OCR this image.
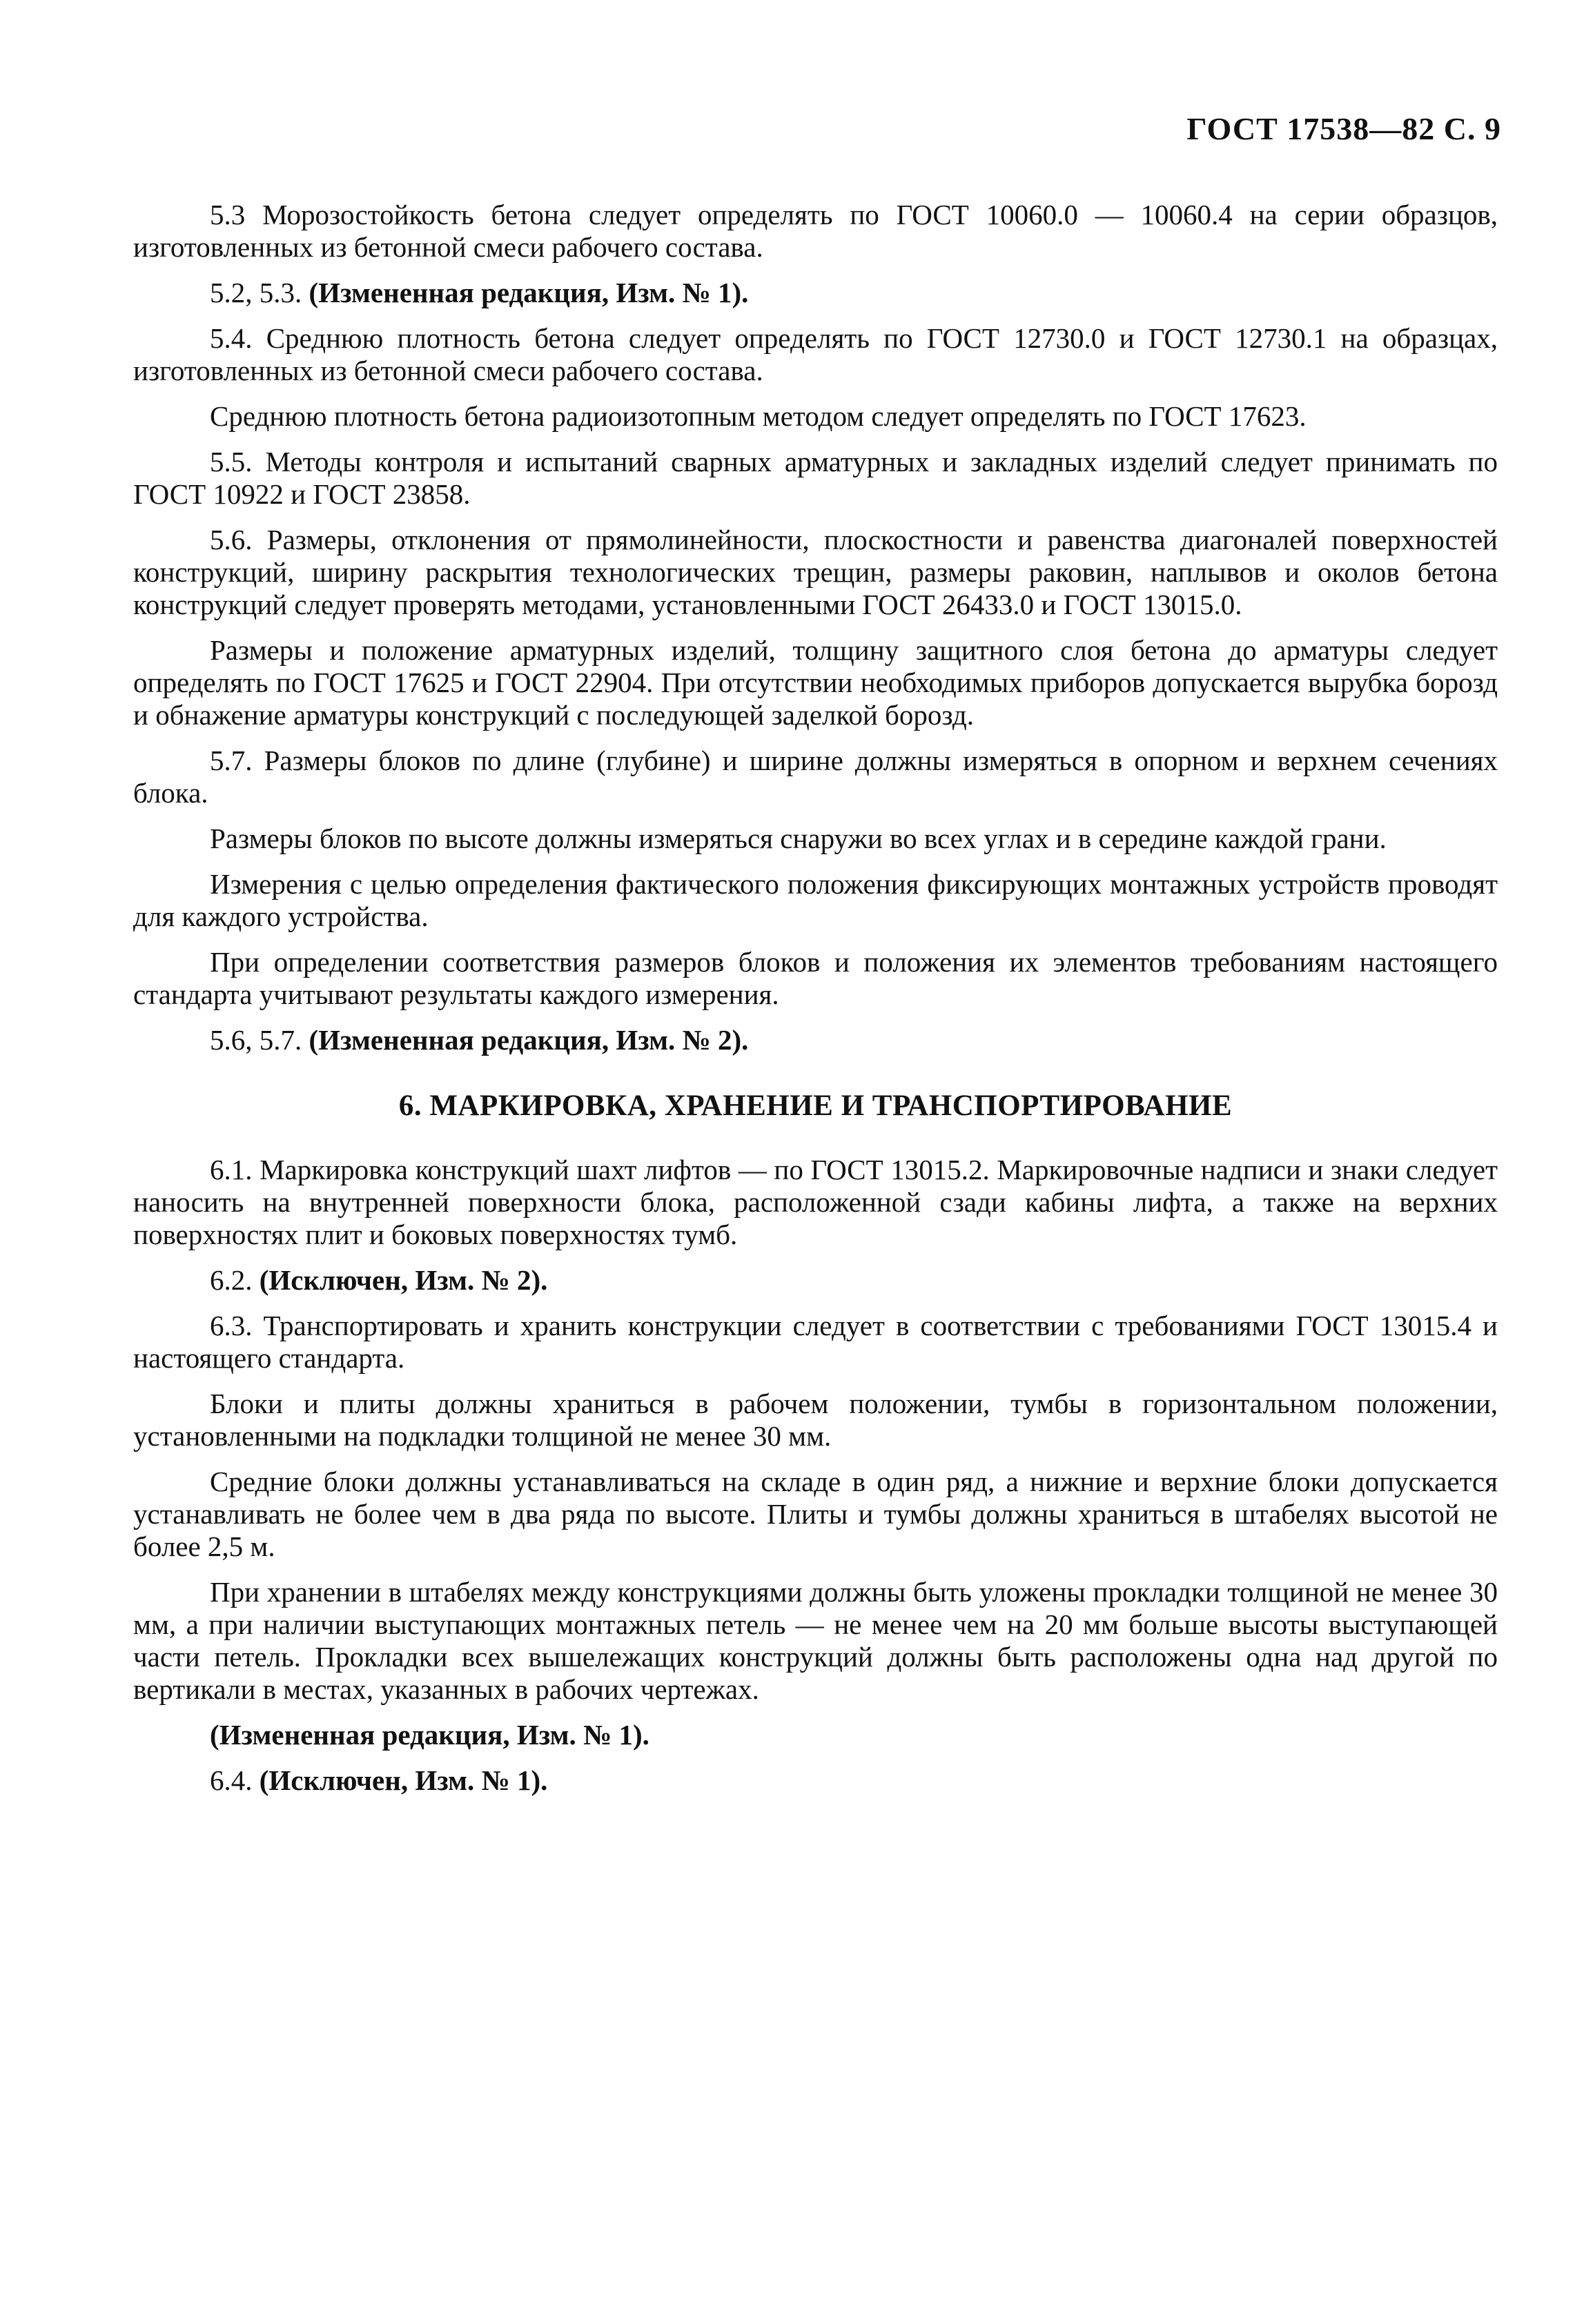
ГОСТ 17538—82 С. 9

5.3 Морозостойкость бетона следует определять по ГОСТ 10060.0 — 10060.4 на серии образцов, изготовленных из бетонной смеси рабочего состава.

5.2, 5.3. (Измененная редакция, Изм. № 1).

5.4. Среднюю плотность бетона следует определять по ГОСТ 12730.0 и ГОСТ 12730.1 на образцах, изготовленных из бетонной смеси рабочего состава.

Среднюю плотность бетона радиоизотопным методом следует определять по ГОСТ 17623.

5.5. Методы контроля и испытаний сварных арматурных и закладных изделий следует принимать по ГОСТ 10922 и ГОСТ 23858.

5.6. Размеры, отклонения от прямолинейности, плоскостности и равенства диагоналей поверхностей конструкций, ширину раскрытия технологических трещин, размеры раковин, наплывов и околов бетона конструкций следует проверять методами, установленными ГОСТ 26433.0 и ГОСТ 13015.0.

Размеры и положение арматурных изделий, толщину защитного слоя бетона до арматуры следует определять по ГОСТ 17625 и ГОСТ 22904. При отсутствии необходимых приборов допускается вырубка борозд и обнажение арматуры конструкций с последующей заделкой борозд.

5.7. Размеры блоков по длине (глубине) и ширине должны измеряться в опорном и верхнем сечениях блока.

Размеры блоков по высоте должны измеряться снаружи во всех углах и в середине каждой грани.

Измерения с целью определения фактического положения фиксирующих монтажных устройств проводят для каждого устройства.

При определении соответствия размеров блоков и положения их элементов требованиям настоящего стандарта учитывают результаты каждого измерения.

5.6, 5.7. (Измененная редакция, Изм. № 2).

6. МАРКИРОВКА, ХРАНЕНИЕ И ТРАНСПОРТИРОВАНИЕ

6.1. Маркировка конструкций шахт лифтов — по ГОСТ 13015.2. Маркировочные надписи и знаки следует наносить на внутренней поверхности блока, расположенной сзади кабины лифта, а также на верхних поверхностях плит и боковых поверхностях тумб.

6.2. (Исключен, Изм. № 2).

6.3. Транспортировать и хранить конструкции следует в соответствии с требованиями ГОСТ 13015.4 и настоящего стандарта.

Блоки и плиты должны храниться в рабочем положении, тумбы в горизонтальном положении, установленными на подкладки толщиной не менее 30 мм.

Средние блоки должны устанавливаться на складе в один ряд, а нижние и верхние блоки допускается устанавливать не более чем в два ряда по высоте. Плиты и тумбы должны храниться в штабелях высотой не более 2,5 м.

При хранении в штабелях между конструкциями должны быть уложены прокладки толщиной не менее 30 мм, а при наличии выступающих монтажных петель — не менее чем на 20 мм больше высоты выступающей части петель. Прокладки всех вышележащих конструкций должны быть расположены одна над другой по вертикали в местах, указанных в рабочих чертежах.

(Измененная редакция, Изм. № 1).

6.4. (Исключен, Изм. № 1).
